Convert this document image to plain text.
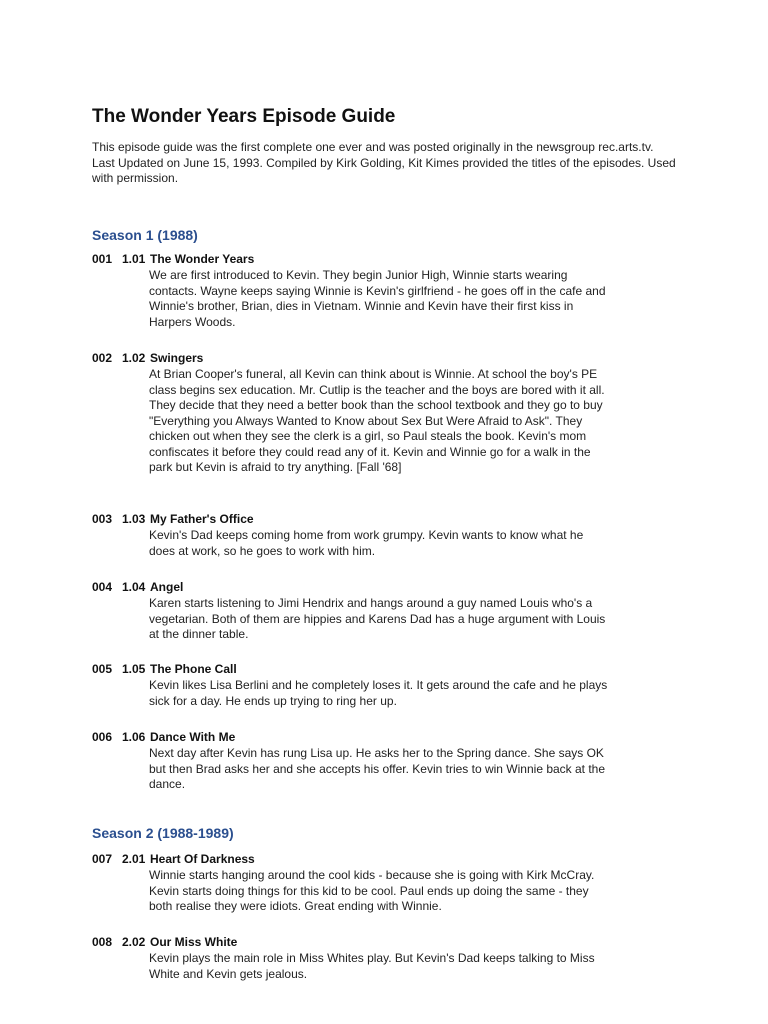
The Wonder Years Episode Guide

This episode guide was the first complete one ever and was posted originally in the newsgroup rec.arts.tv. Last Updated on June 15, 1993. Compiled by Kirk Golding, Kit Kimes provided the titles of the episodes. Used with permission.

Season 1 (1988)
001 1.01 The Wonder Years
We are first introduced to Kevin. They begin Junior High, Winnie starts wearing contacts. Wayne keeps saying Winnie is Kevin's girlfriend - he goes off in the cafe and Winnie's brother, Brian, dies in Vietnam. Winnie and Kevin have their first kiss in Harpers Woods.
002 1.02 Swingers
At Brian Cooper's funeral, all Kevin can think about is Winnie. At school the boy's PE class begins sex education. Mr. Cutlip is the teacher and the boys are bored with it all. They decide that they need a better book than the school textbook and they go to buy "Everything you Always Wanted to Know about Sex But Were Afraid to Ask". They chicken out when they see the clerk is a girl, so Paul steals the book. Kevin's mom confiscates it before they could read any of it. Kevin and Winnie go for a walk in the park but Kevin is afraid to try anything. [Fall '68]
003 1.03 My Father's Office
Kevin's Dad keeps coming home from work grumpy. Kevin wants to know what he does at work, so he goes to work with him.
004 1.04 Angel
Karen starts listening to Jimi Hendrix and hangs around a guy named Louis who's a vegetarian. Both of them are hippies and Karens Dad has a huge argument with Louis at the dinner table.
005 1.05 The Phone Call
Kevin likes Lisa Berlini and he completely loses it. It gets around the cafe and he plays sick for a day. He ends up trying to ring her up.
006 1.06 Dance With Me
Next day after Kevin has rung Lisa up. He asks her to the Spring dance. She says OK but then Brad asks her and she accepts his offer. Kevin tries to win Winnie back at the dance.
Season 2 (1988-1989)
007 2.01 Heart Of Darkness
Winnie starts hanging around the cool kids - because she is going with Kirk McCray. Kevin starts doing things for this kid to be cool. Paul ends up doing the same - they both realise they were idiots. Great ending with Winnie.
008 2.02 Our Miss White
Kevin plays the main role in Miss Whites play. But Kevin's Dad keeps talking to Miss White and Kevin gets jealous.
